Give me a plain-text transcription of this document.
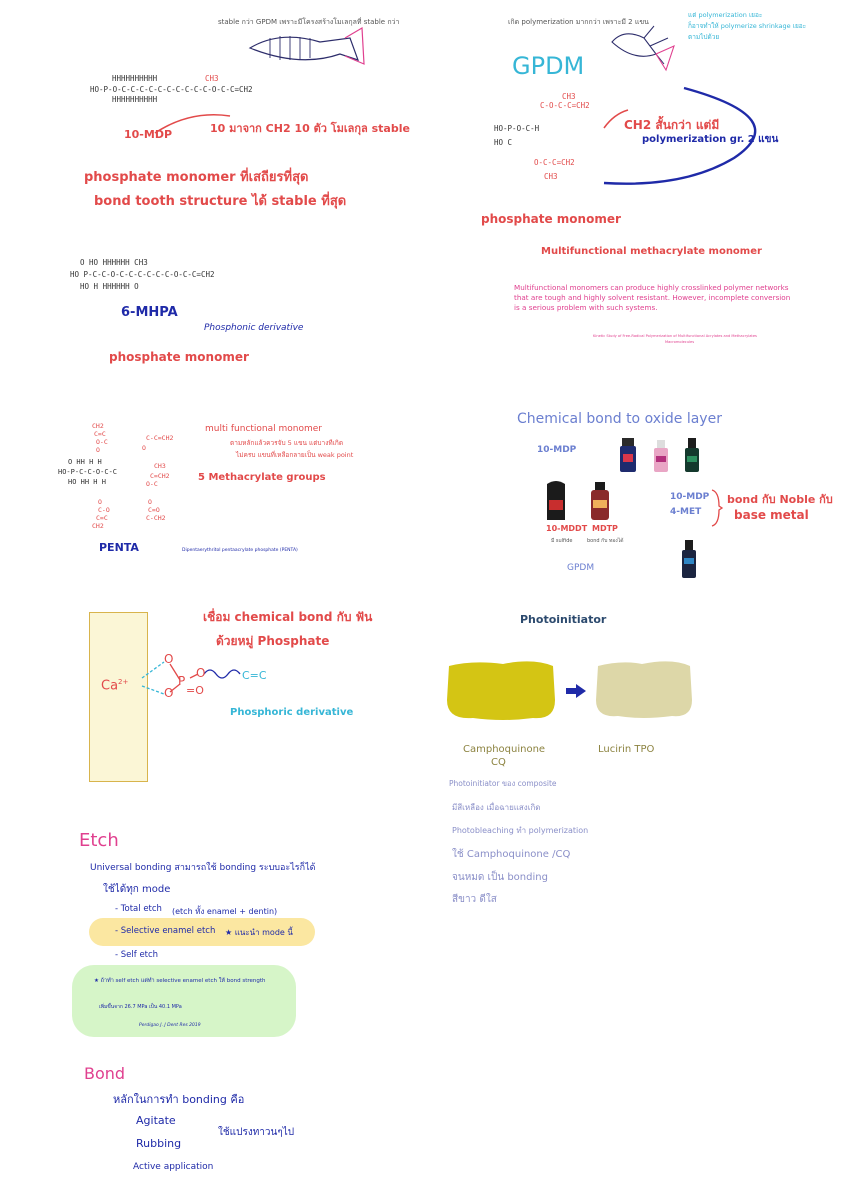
stable กว่า GPDM เพราะมีโครงสร้างโมเลกุลที่ stable กว่า
HHHHHHHHHH	CH3
HO-P-O-C-C-C-C-C-C-C-C-C-C-O-C-C=CH2
HHHHHHHHHH
10-MDP	10 มาจาก CH2 10 ตัว โมเลกุล stable
phosphate monomer ที่เสถียรที่สุด
bond tooth structure ได้ stable ที่สุด
O HO HHHHHH CH3
HO P-C-C-O-C-C-C-C-C-C-O-C-C=CH2
HO H HHHHHH O
6-MHPA
Phosphonic derivative
phosphate monomer
เกิด polymerization มากกว่า เพราะมี 2 แขน
แต่ polymerization เยอะ
ก็อาจทำให้ polymerize shrinkage เยอะ
ตามไปด้วย
GPDM
CH3
C-O-C-C=CH2
HO-P-O-C-H
HO C
O-C-C=CH2
CH3
CH2 สั้นกว่า แต่มี
polymerization gr. 2 แขน
phosphate monomer
Multifunctional methacrylate monomer
Multifunctional monomers can produce highly crosslinked polymer networks that are tough and highly solvent resistant. However, incomplete conversion is a serious problem with such systems.
Kinetic Study of Free-Radical Polymerization of Multifunctional Acrylates and Methacrylates
Macromolecules
CH2
C=C
O-C
O
C-C=CH2
O
CH3
C=CH2
O-C
O
C-O
C=C
CH2
O
C=O
C-CH2
O HH H H
HO-P-C-C-O-C-C
HO HH H H
multi functional monomer
ตามหลักแล้วควรจับ 5 แขน แต่บางทีเกิด
ไม่ครบ แขนที่เหลือกลายเป็น weak point
5 Methacrylate groups
PENTA	Dipentaerythritol pentaacrylate phosphate (PENTA)
Chemical bond to oxide layer
10-MDP
10-MDDT MDTP
มี sulfide	bond กับ ทองได้
10-MDP
4-MET
bond กับ Noble กับ
base metal
GPDM
เชื่อม chemical bond กับ ฟัน
ด้วยหมู่ Phosphate
$Ca^{2+}$
O
O
P
=O
O	C=C
Phosphoric derivative
Photoinitiator
Camphoquinone
CQ
Lucirin TPO
Photoinitiator ของ composite
มีสีเหลือง เมื่อฉายแสงเกิด
Photobleaching ทำ polymerization
ใช้ Camphoquinone /CQ
จนหมด เป็น bonding
สีขาว ดีใส
Etch
Universal bonding สามารถใช้ bonding ระบบอะไรก็ได้
ใช้ได้ทุก mode
- Total etch (etch ทั้ง enamel + dentin)
- Selective enamel etch ★ แนะนำ mode นี้
- Self etch
★ ถ้าทำ self etch แต่ทำ selective enamel etch ให้ bond strength
เพิ่มขึ้นจาก 26.7 MPa เป็น 40.1 MPa
Perdigao J. J Dent Res 2019
Bond
หลักในการทำ bonding คือ
Agitate
Rubbing
Active application
ใช้แปรงทาวนๆไป
